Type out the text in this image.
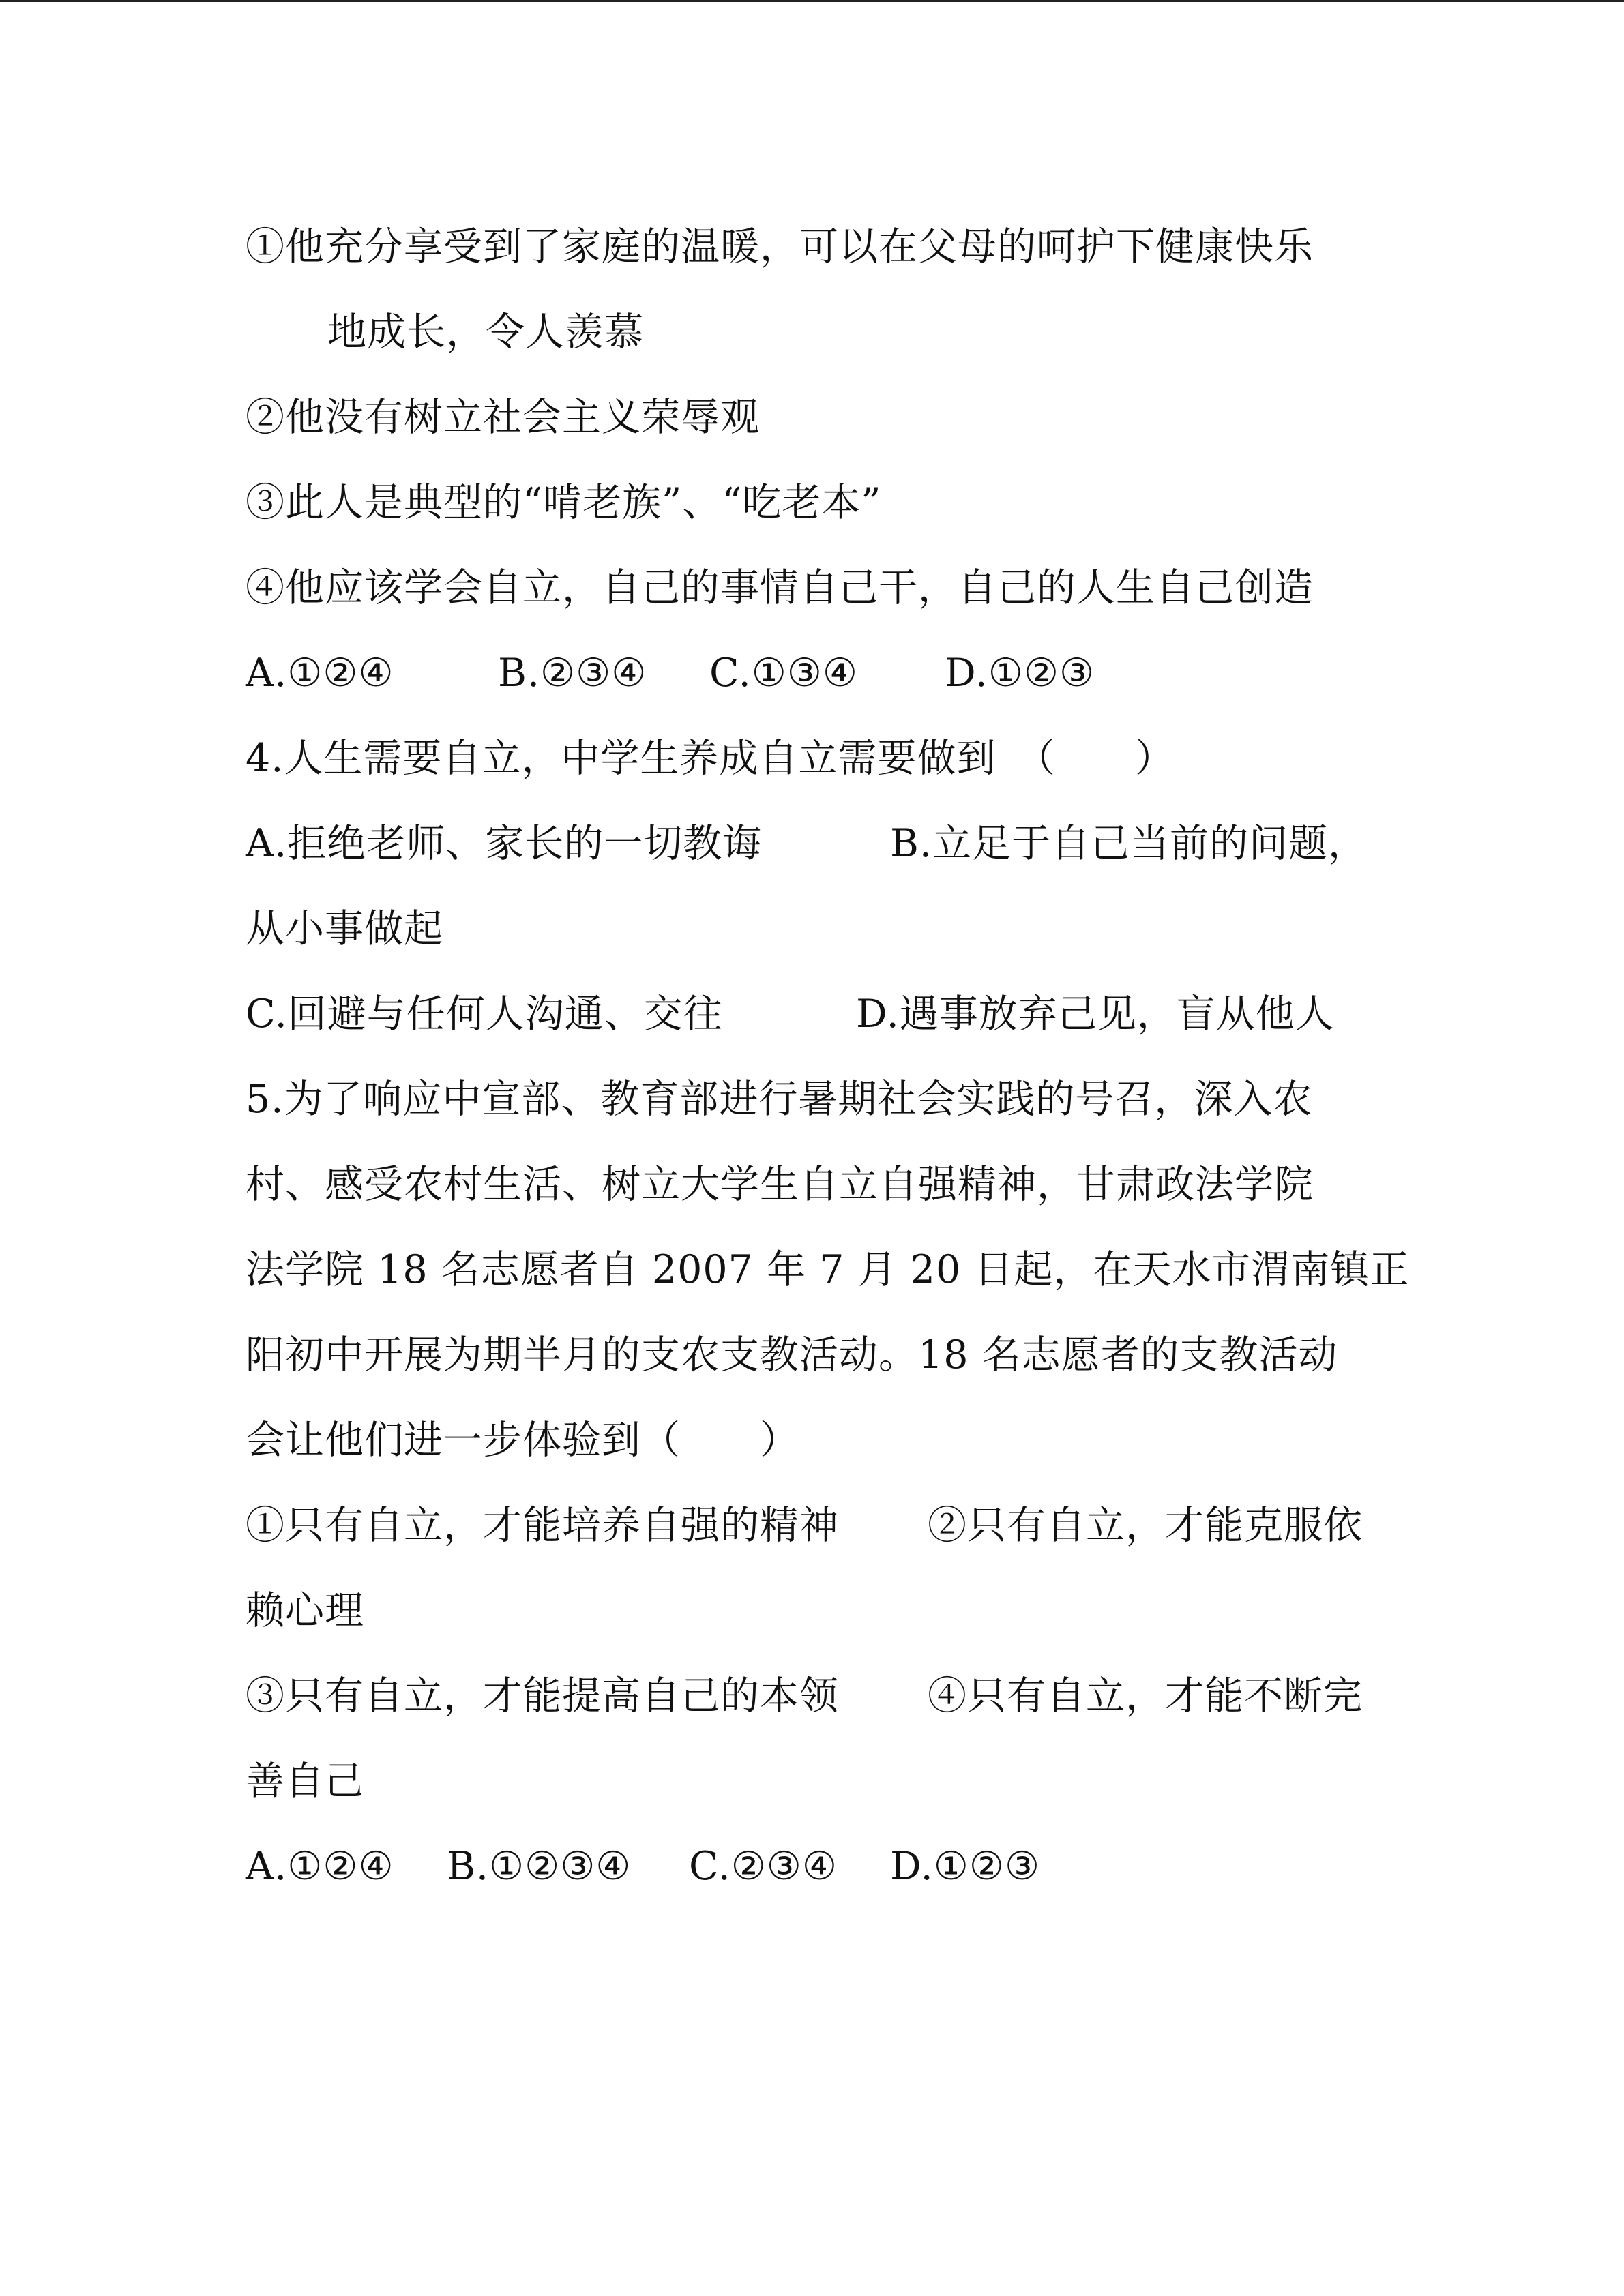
①他充分享受到了家庭的温暖，可以在父母的呵护下健康快乐
地成长，令人羡慕
②他没有树立社会主义荣辱观
③此人是典型的“啃老族”、“吃老本”
④他应该学会自立，自己的事情自己干，自己的人生自己创造
A.①②④	B.②③④ C.①③④ D.①②③
4.人生需要自立，中学生养成自立需要做到　（　　）
A.拒绝老师、家长的一切教诲	B.立足于自己当前的问题，
从小事做起
C.回避与任何人沟通、交往	D.遇事放弃己见，盲从他人
5.为了响应中宣部、教育部进行暑期社会实践的号召，深入农
村、感受农村生活、树立大学生自立自强精神，甘肃政法学院
法学院 18 名志愿者自 2007 年 7 月 20 日起，在天水市渭南镇正
阳初中开展为期半月的支农支教活动。18 名志愿者的支教活动
会让他们进一步体验到（　　）
①只有自立，才能培养自强的精神 ②只有自立，才能克服依
赖心理
③只有自立，才能提高自己的本领 ④只有自立，才能不断完
善自己
A.①②④ B.①②③④ C.②③④ D.①②③
